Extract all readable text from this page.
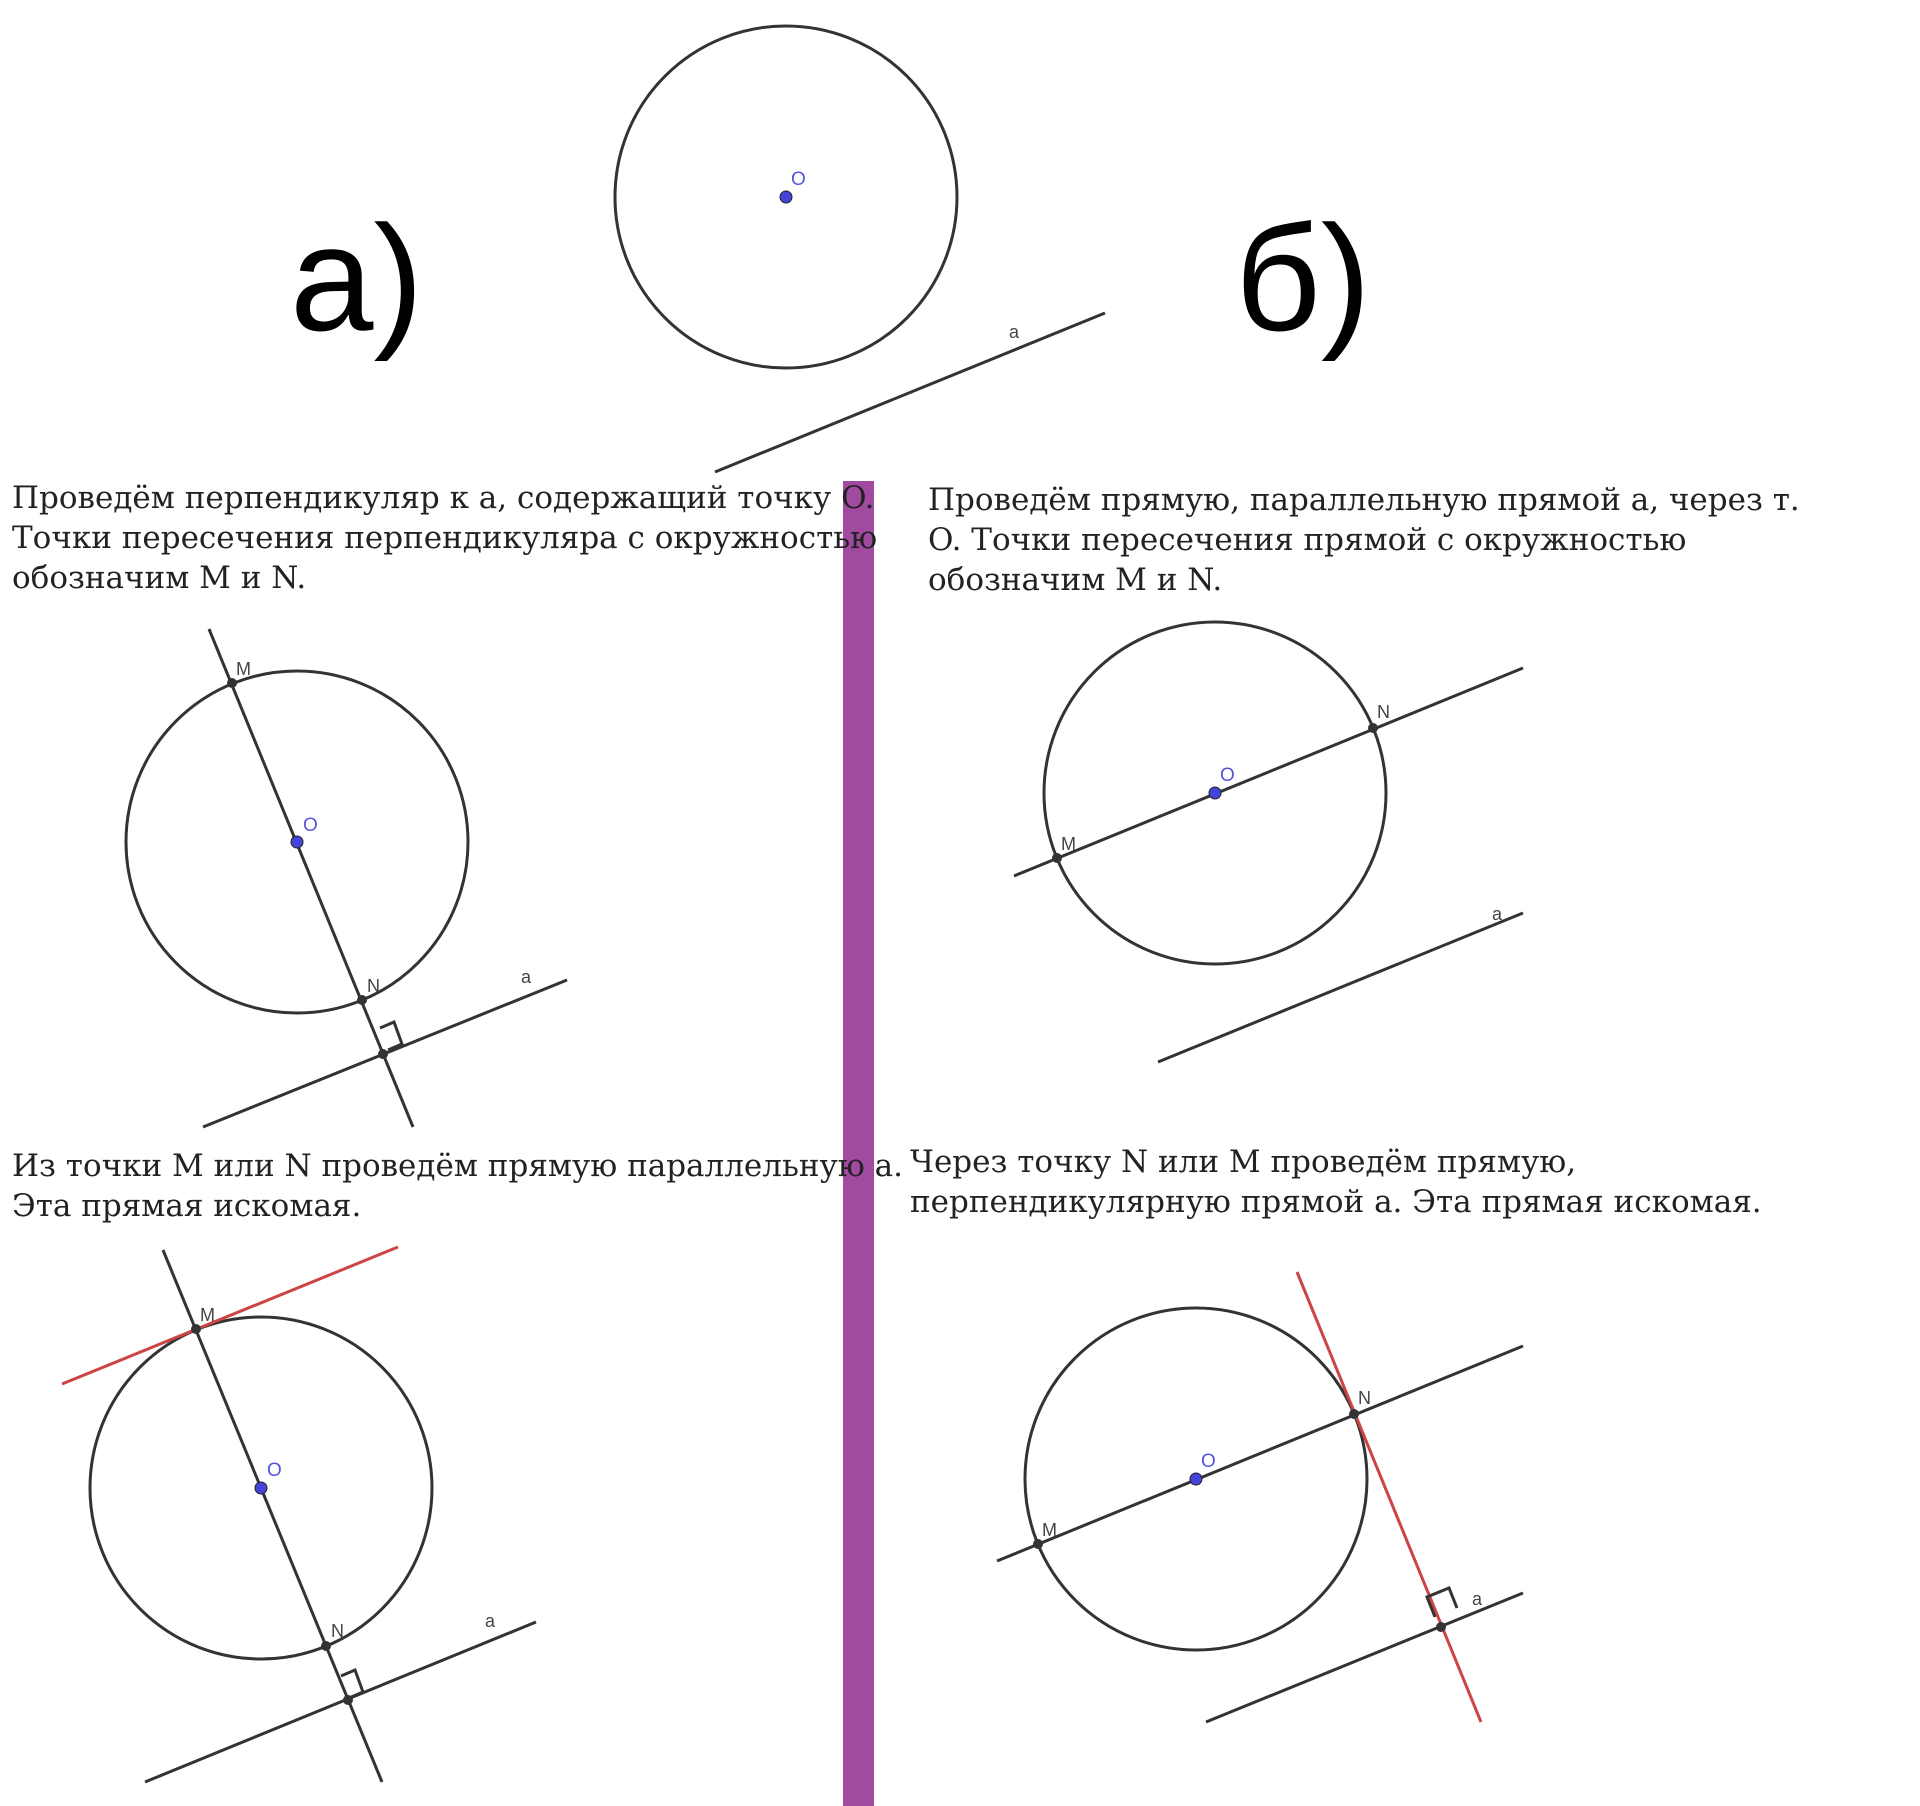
а)	б)
O
a
M
O
N	a
M
O
N	a
M
O
N
a
M
O
N
a
Проведём перпендикуляр к a, содержащий точку O.
Точки пересечения перпендикуляра с окружностью
обозначим M и N.
Из точки M или N проведём прямую параллельную a.
Эта прямая искомая.
Проведём прямую, параллельную прямой a, через т.
O. Точки пересечения прямой с окружностью
обозначим M и N.
Через точку N или M проведём прямую,
перпендикулярную прямой a. Эта прямая искомая.
